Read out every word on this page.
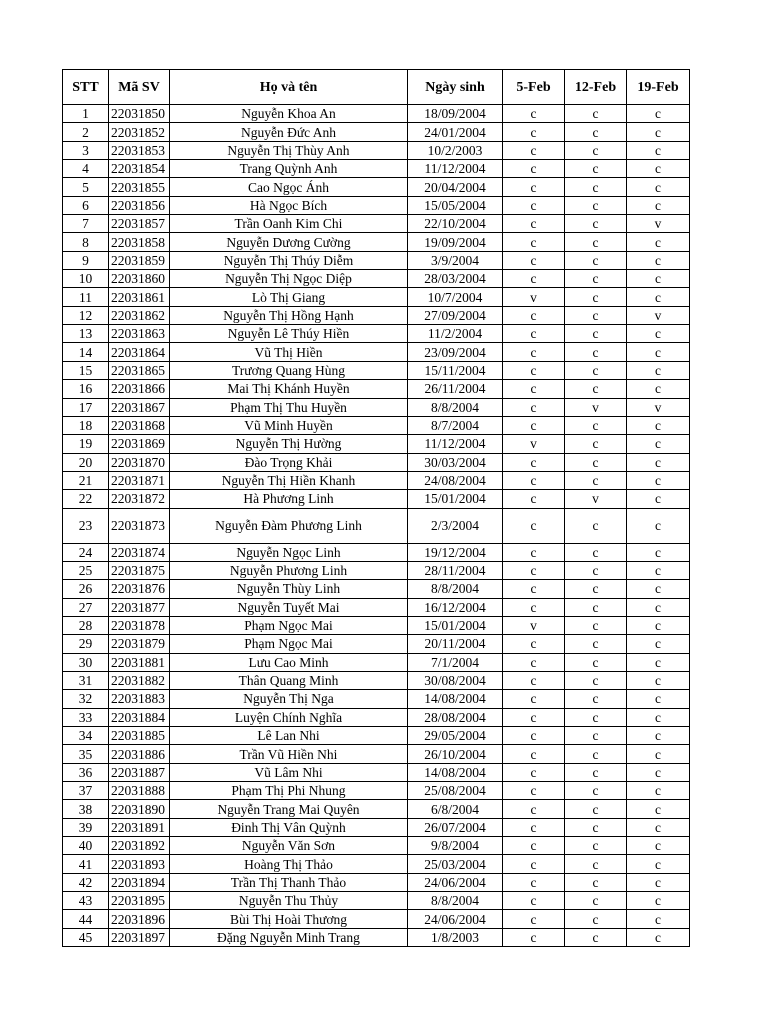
STT	Mã SV	Họ và tên	Ngày sinh	5-Feb	12-Feb	19-Feb
1	22031850	Nguyễn Khoa An	18/09/2004	c	c	c
2	22031852	Nguyễn Đức Anh	24/01/2004	c	c	c
3	22031853	Nguyễn Thị Thùy Anh	10/2/2003	c	c	c
4	22031854	Trang Quỳnh Anh	11/12/2004	c	c	c
5	22031855	Cao Ngọc Ánh	20/04/2004	c	c	c
6	22031856	Hà Ngọc Bích	15/05/2004	c	c	c
7	22031857	Trần Oanh Kim Chi	22/10/2004	c	c	v
8	22031858	Nguyễn Dương Cường	19/09/2004	c	c	c
9	22031859	Nguyễn Thị Thúy Diễm	3/9/2004	c	c	c
10	22031860	Nguyễn Thị Ngọc Diệp	28/03/2004	c	c	c
11	22031861	Lò Thị Giang	10/7/2004	v	c	c
12	22031862	Nguyễn Thị Hồng Hạnh	27/09/2004	c	c	v
13	22031863	Nguyễn Lê Thúy Hiền	11/2/2004	c	c	c
14	22031864	Vũ Thị Hiền	23/09/2004	c	c	c
15	22031865	Trương Quang Hùng	15/11/2004	c	c	c
16	22031866	Mai Thị Khánh Huyền	26/11/2004	c	c	c
17	22031867	Phạm Thị Thu Huyền	8/8/2004	c	v	v
18	22031868	Vũ Minh Huyền	8/7/2004	c	c	c
19	22031869	Nguyễn Thị Hường	11/12/2004	v	c	c
20	22031870	Đào Trọng Khải	30/03/2004	c	c	c
21	22031871	Nguyễn Thị Hiền Khanh	24/08/2004	c	c	c
22	22031872	Hà Phương Linh	15/01/2004	c	v	c
23	22031873	Nguyễn Đàm Phương Linh	2/3/2004	c	c	c
24	22031874	Nguyễn Ngọc Linh	19/12/2004	c	c	c
25	22031875	Nguyễn Phương Linh	28/11/2004	c	c	c
26	22031876	Nguyễn Thùy Linh	8/8/2004	c	c	c
27	22031877	Nguyễn Tuyết Mai	16/12/2004	c	c	c
28	22031878	Phạm Ngọc Mai	15/01/2004	v	c	c
29	22031879	Phạm Ngọc Mai	20/11/2004	c	c	c
30	22031881	Lưu Cao Minh	7/1/2004	c	c	c
31	22031882	Thân Quang Minh	30/08/2004	c	c	c
32	22031883	Nguyễn Thị Nga	14/08/2004	c	c	c
33	22031884	Luyện Chính Nghĩa	28/08/2004	c	c	c
34	22031885	Lê Lan Nhi	29/05/2004	c	c	c
35	22031886	Trần Vũ Hiền Nhi	26/10/2004	c	c	c
36	22031887	Vũ Lâm Nhi	14/08/2004	c	c	c
37	22031888	Phạm Thị Phi Nhung	25/08/2004	c	c	c
38	22031890	Nguyễn Trang Mai Quyên	6/8/2004	c	c	c
39	22031891	Đinh Thị Vân Quỳnh	26/07/2004	c	c	c
40	22031892	Nguyễn Văn Sơn	9/8/2004	c	c	c
41	22031893	Hoàng Thị Thảo	25/03/2004	c	c	c
42	22031894	Trần Thị Thanh Thảo	24/06/2004	c	c	c
43	22031895	Nguyễn Thu Thủy	8/8/2004	c	c	c
44	22031896	Bùi Thị Hoài Thương	24/06/2004	c	c	c
45	22031897	Đặng Nguyễn Minh Trang	1/8/2003	c	c	c
